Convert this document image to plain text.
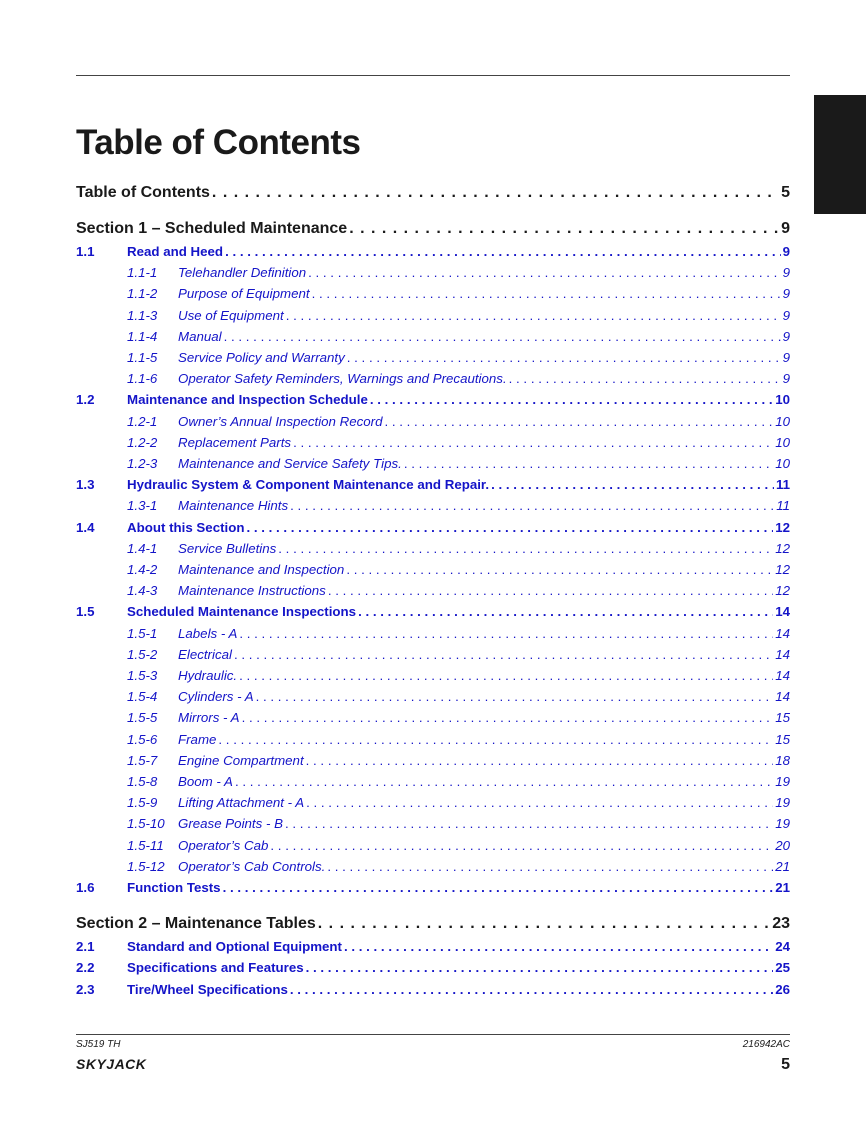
Table of Contents
Table of Contents . . .	5
Section 1 – Scheduled Maintenance . . .	9
1.1	Read and Heed . . .	9
1.1-1	Telehandler Definition . . .	9
1.1-2	Purpose of Equipment . . .	9
1.1-3	Use of Equipment . . .	9
1.1-4	Manual . . .	9
1.1-5	Service Policy and Warranty . . .	9
1.1-6	Operator Safety Reminders, Warnings and Precautions. . . .	9
1.2	Maintenance and Inspection Schedule . . .	10
1.2-1	Owner’s Annual Inspection Record . . .	10
1.2-2	Replacement Parts . . .	10
1.2-3	Maintenance and Service Safety Tips. . . .	10
1.3	Hydraulic System & Component Maintenance and Repair. . . .	11
1.3-1	Maintenance Hints . . .	11
1.4	About this Section . . .	12
1.4-1	Service Bulletins . . .	12
1.4-2	Maintenance and Inspection . . .	12
1.4-3	Maintenance Instructions . . .	12
1.5	Scheduled Maintenance Inspections . . .	14
1.5-1	Labels - A . . .	14
1.5-2	Electrical . . .	14
1.5-3	Hydraulic. . . .	14
1.5-4	Cylinders - A . . .	14
1.5-5	Mirrors - A . . .	15
1.5-6	Frame . . .	15
1.5-7	Engine Compartment . . .	18
1.5-8	Boom - A . . .	19
1.5-9	Lifting Attachment - A . . .	19
1.5-10 Grease Points - B . . .	19
1.5-11	Operator’s Cab . . .	20
1.5-12 Operator’s Cab Controls. . . .	21
1.6	Function Tests . . .	21
Section 2 – Maintenance Tables . . .	23
2.1	Standard and Optional Equipment . . .	24
2.2	Specifications and Features . . .	25
2.3	Tire/Wheel Specifications . . .	26
SJ519 TH	216942AC
SKYJACK	5
